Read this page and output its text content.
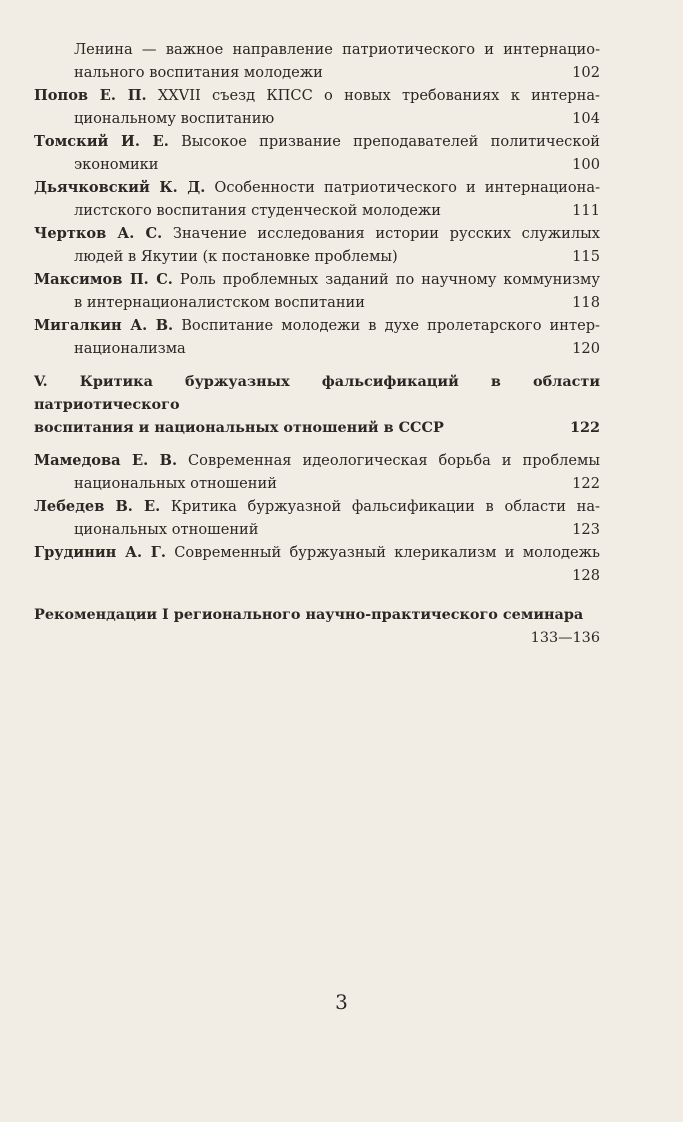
Ленина — важное направление патриотического и интернацио-
нального воспитания молодежи	102
Попов Е. П. XXVII съезд КПСС о новых требованиях к интерна-
циональному воспитанию	104
Томский И. Е. Высокое призвание преподавателей политической
экономики	100
Дьячковский К. Д. Особенности патриотического и интернациона-
листского воспитания студенческой молодежи	111
Чертков А. С. Значение исследования истории русских служилых
людей в Якутии (к постановке проблемы)	115
Максимов П. С. Роль проблемных заданий по научному коммунизму
в интернационалистском воспитании	118
Мигалкин А. В. Воспитание молодежи в духе пролетарского интер-
национализма	120
V. Критика буржуазных фальсификаций в области патриотического
воспитания и национальных отношений в СССР	122
Мамедова Е. В. Современная идеологическая борьба и проблемы
национальных отношений	122
Лебедев В. Е. Критика буржуазной фальсификации в области на-
циональных отношений	123
Грудинин А. Г. Современный буржуазный клерикализм и молодежь
128
Рекомендации I регионального научно-практического семинара
133—136
3
